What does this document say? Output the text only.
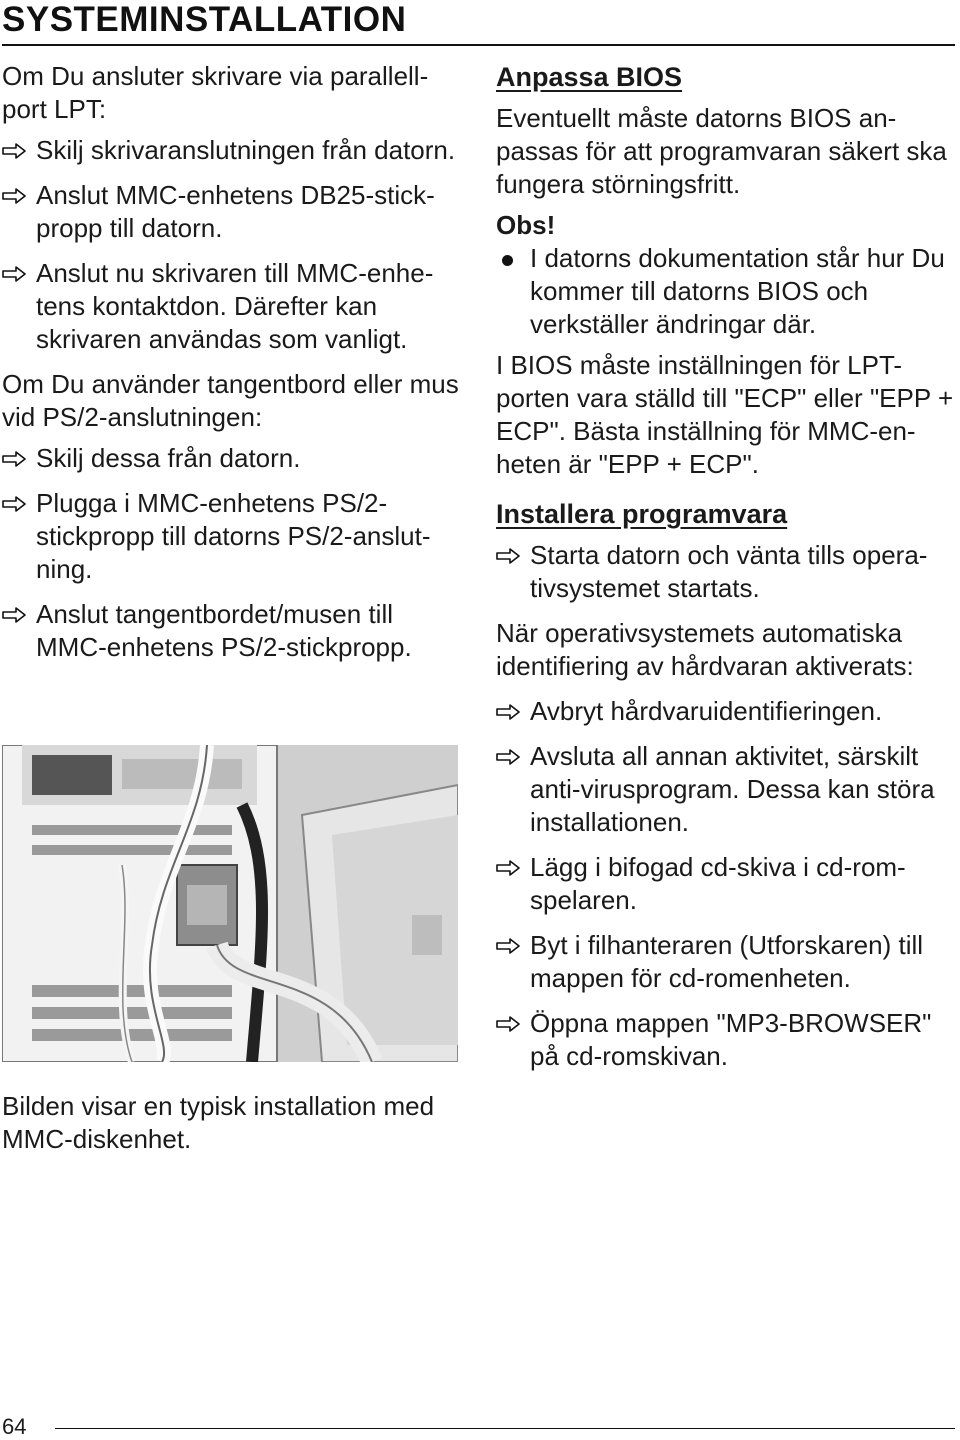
SYSTEMINSTALLATION

Om Du ansluter skrivare via parallell-port LPT:

Skilj skrivaranslutningen från datorn.
Anslut MMC-enhetens DB25-stick-propp till datorn.
Anslut nu skrivaren till MMC-enhe-tens kontaktdon. Därefter kan skrivaren användas som vanligt.

Om Du använder tangentbord eller mus vid PS/2-anslutningen:

Skilj dessa från datorn.
Plugga i MMC-enhetens PS/2-stickpropp till datorns PS/2-anslut-ning.
Anslut tangentbordet/musen till MMC-enhetens PS/2-stickpropp.

Bilden visar en typisk installation med MMC-diskenhet.

Anpassa BIOS

Eventuellt måste datorns BIOS an-passas för att programvaran säkert ska fungera störningsfritt.

Obs!
I datorns dokumentation står hur Du kommer till datorns BIOS och verkställer ändringar där.

I BIOS måste inställningen för LPT-porten vara ställd till "ECP" eller "EPP + ECP". Bästa inställning för MMC-en-heten är "EPP + ECP".

Installera programvara
Starta datorn och vänta tills opera-tivsystemet startats.

När operativsystemets automatiska identifiering av hårdvaran aktiverats:

Avbryt hårdvaruidentifieringen.
Avsluta all annan aktivitet, särskilt anti-virusprogram. Dessa kan störa installationen.
Lägg i bifogad cd-skiva i cd-rom-spelaren.
Byt i filhanteraren (Utforskaren) till mappen för cd-romenheten.
Öppna mappen "MP3-BROWSER" på cd-romskivan.
64
